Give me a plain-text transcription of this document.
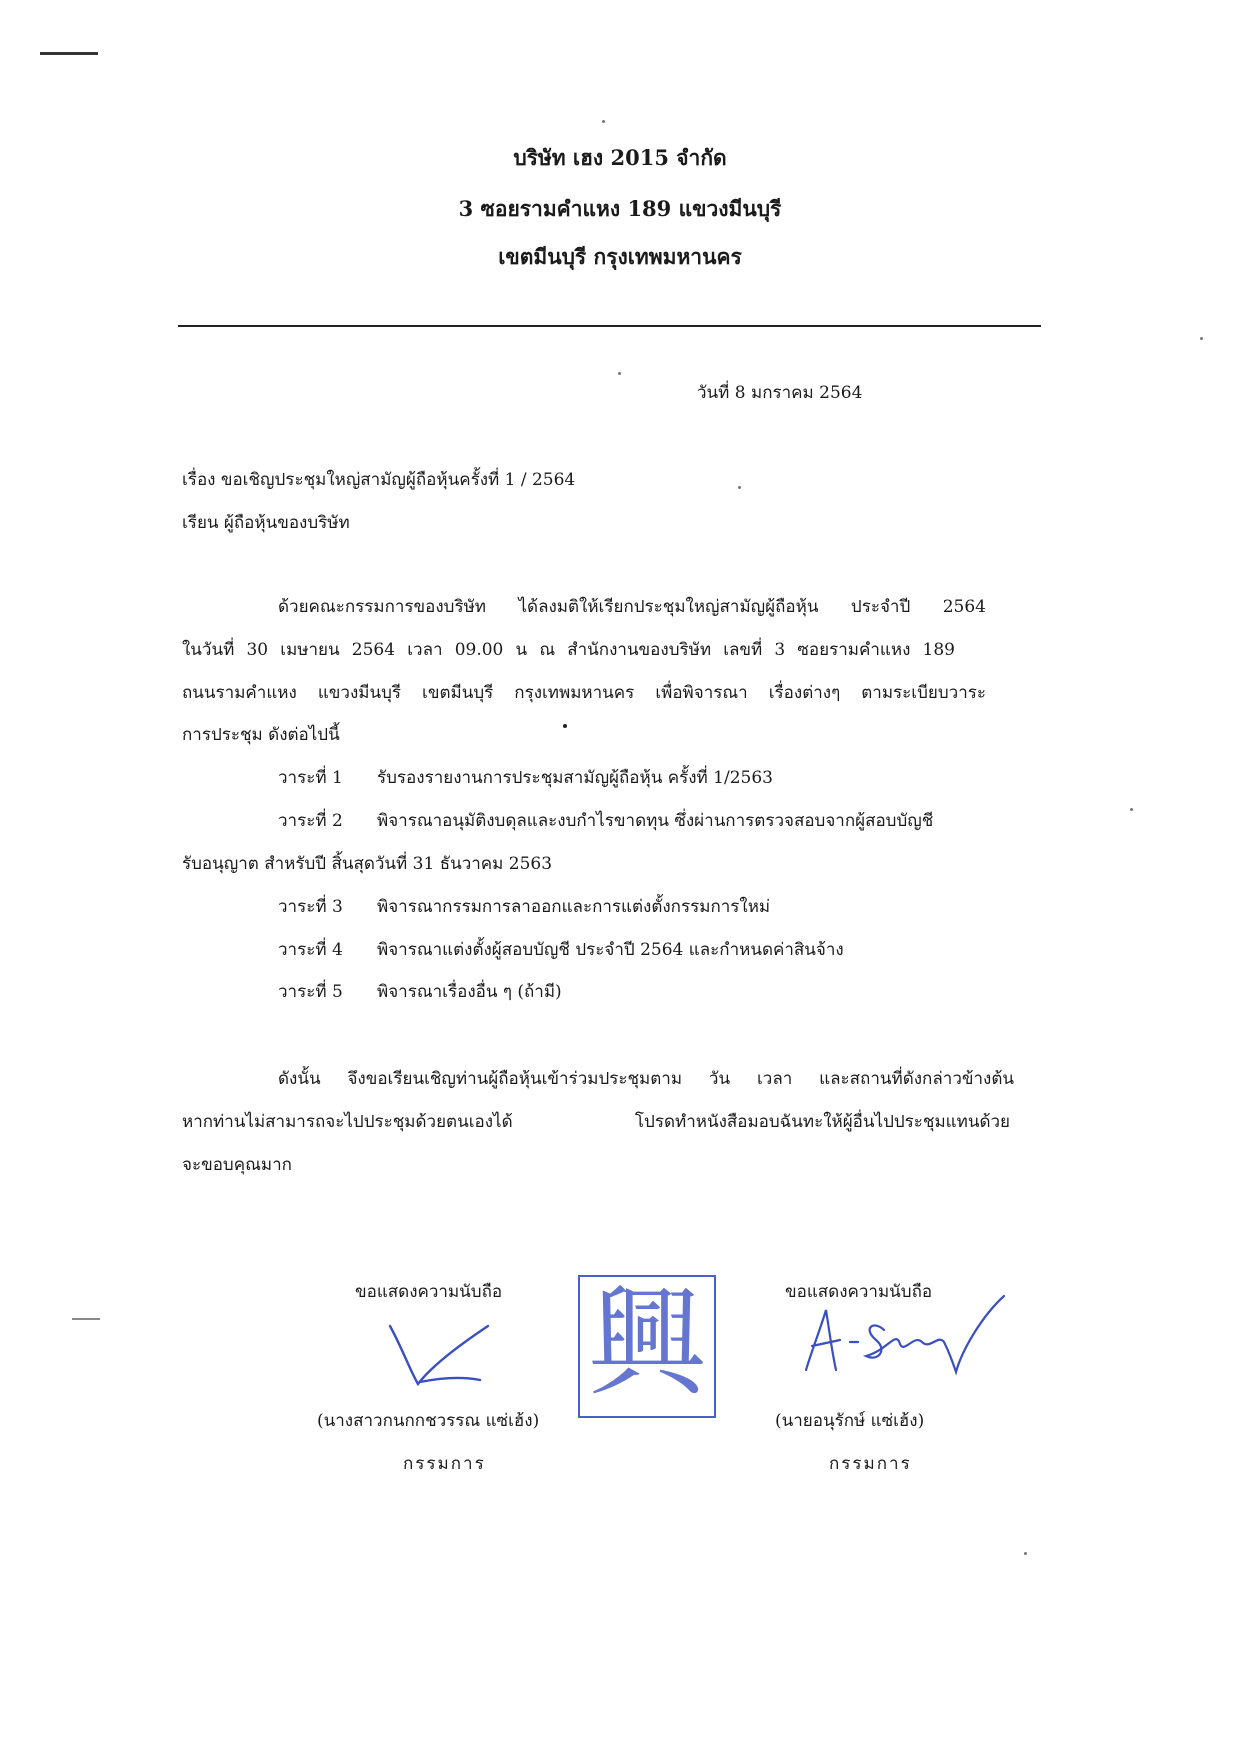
บริษัท เฮง 2015 จำกัด
3 ซอยรามคำแหง 189 แขวงมีนบุรี
เขตมีนบุรี กรุงเทพมหานคร
วันที่ 8 มกราคม 2564
เรื่อง ขอเชิญประชุมใหญ่สามัญผู้ถือหุ้นครั้งที่ 1 / 2564
เรียน ผู้ถือหุ้นของบริษัท
ด้วยคณะกรรมการของบริษัท ได้ลงมติให้เรียกประชุมใหญ่สามัญผู้ถือหุ้น ประจำปี 2564
ในวันที่ 30 เมษายน 2564 เวลา 09.00 น ณ สำนักงานของบริษัท เลขที่ 3 ซอยรามคำแหง 189
ถนนรามคำแหง แขวงมีนบุรี เขตมีนบุรี กรุงเทพมหานคร เพื่อพิจารณา เรื่องต่างๆ ตามระเบียบวาระ
การประชุม ดังต่อไปนี้
วาระที่ 1 รับรองรายงานการประชุมสามัญผู้ถือหุ้น ครั้งที่ 1/2563
วาระที่ 2 พิจารณาอนุมัติงบดุลและงบกำไรขาดทุน ซึ่งผ่านการตรวจสอบจากผู้สอบบัญชี
รับอนุญาต สำหรับปี สิ้นสุดวันที่ 31 ธันวาคม 2563
วาระที่ 3 พิจารณากรรมการลาออกและการแต่งตั้งกรรมการใหม่
วาระที่ 4 พิจารณาแต่งตั้งผู้สอบบัญชี ประจำปี 2564 และกำหนดค่าสินจ้าง
วาระที่ 5 พิจารณาเรื่องอื่น ๆ (ถ้ามี)
ดังนั้น จึงขอเรียนเชิญท่านผู้ถือหุ้นเข้าร่วมประชุมตาม วัน เวลา และสถานที่ดังกล่าวข้างต้น
หากท่านไม่สามารถจะไปประชุมด้วยตนเองได้ โปรดทำหนังสือมอบฉันทะให้ผู้อื่นไปประชุมแทนด้วย
จะขอบคุณมาก
ขอแสดงความนับถือ
(นางสาวกนกกชวรรณ แซ่เฮ้ง)
กรรมการ
興	ขอแสดงความนับถือ
(นายอนุรักษ์ แซ่เฮ้ง)
กรรมการ
